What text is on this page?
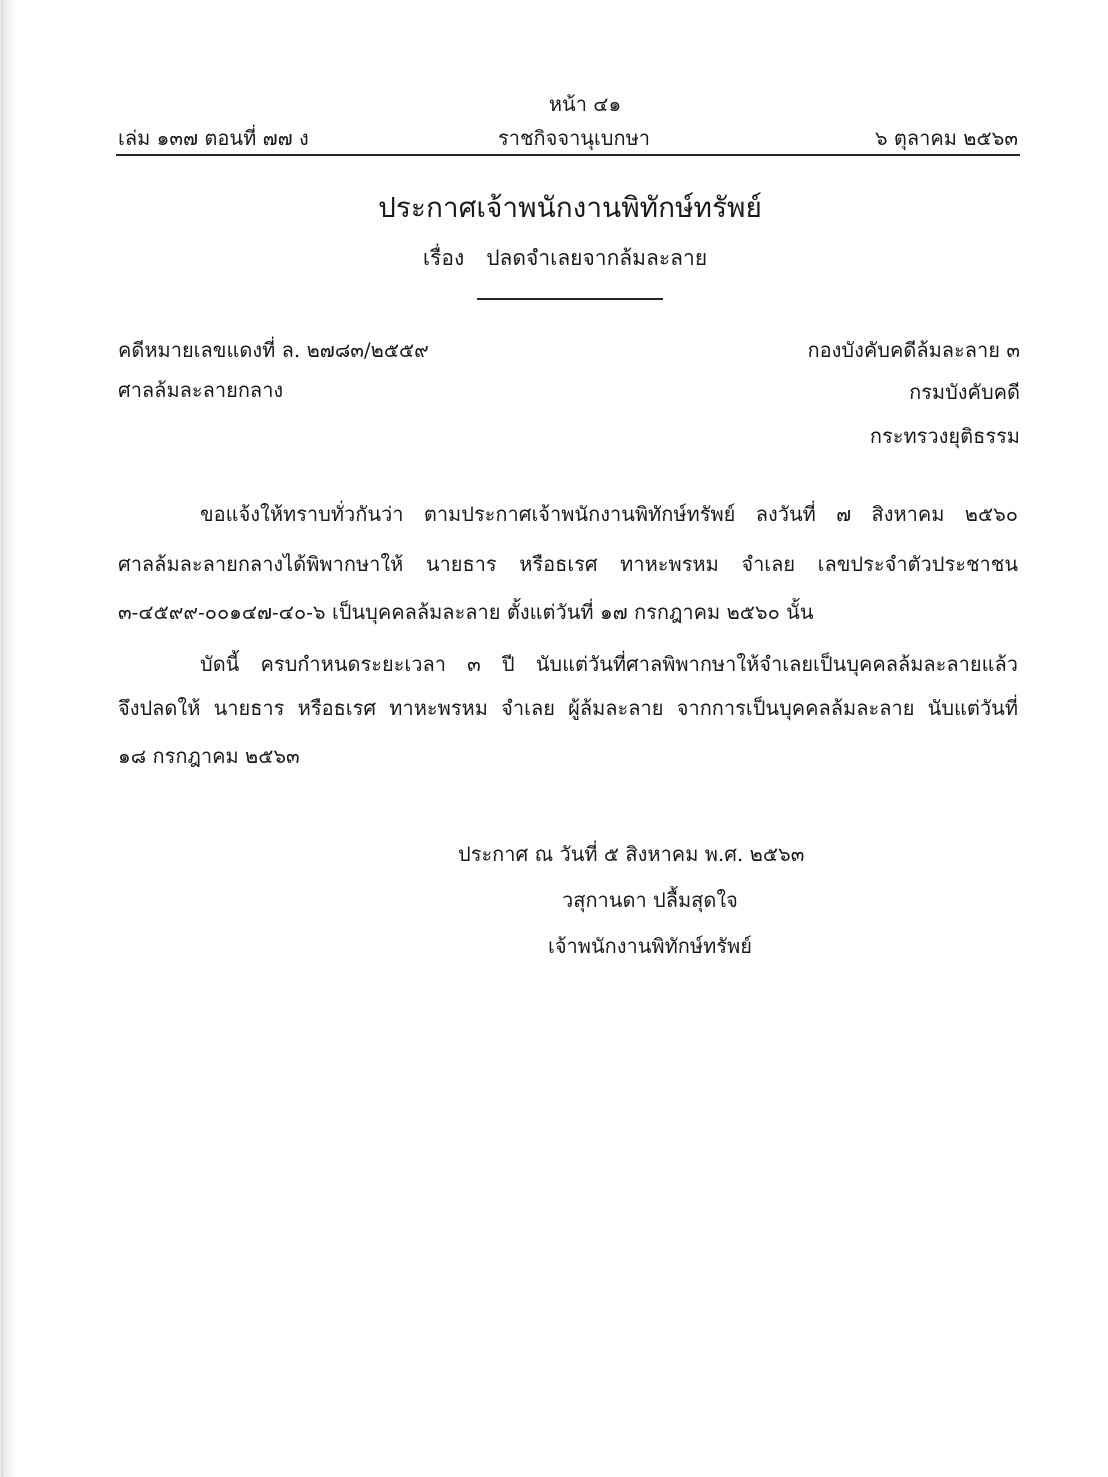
หน้า ๔๑
เล่ม ๑๓๗ ตอนที่ ๗๗ ง	ราชกิจจานุเบกษา	๖ ตุลาคม ๒๕๖๓
ประกาศเจ้าพนักงานพิทักษ์ทรัพย์
เรื่อง ปลดจำเลยจากล้มละลาย
คดีหมายเลขแดงที่ ล. ๒๗๘๓/๒๕๕๙
ศาลล้มละลายกลาง
กองบังคับคดีล้มละลาย ๓
กรมบังคับคดี
กระทรวงยุติธรรม
ขอแจ้งให้ทราบทั่วกันว่า ตามประกาศเจ้าพนักงานพิทักษ์ทรัพย์ ลงวันที่ ๗ สิงหาคม ๒๕๖๐
ศาลล้มละลายกลางได้พิพากษาให้ นายธาร หรือธเรศ ทาหะพรหม จำเลย เลขประจำตัวประชาชน
๓-๔๕๙๙-๐๐๑๔๗-๔๐-๖ เป็นบุคคลล้มละลาย ตั้งแต่วันที่ ๑๗ กรกฎาคม ๒๕๖๐ นั้น
บัดนี้ ครบกำหนดระยะเวลา ๓ ปี นับแต่วันที่ศาลพิพากษาให้จำเลยเป็นบุคคลล้มละลายแล้ว
จึงปลดให้ นายธาร หรือธเรศ ทาหะพรหม จำเลย ผู้ล้มละลาย จากการเป็นบุคคลล้มละลาย นับแต่วันที่
๑๘ กรกฎาคม ๒๕๖๓
ประกาศ ณ วันที่ ๕ สิงหาคม พ.ศ. ๒๕๖๓
วสุกานดา ปลื้มสุดใจ
เจ้าพนักงานพิทักษ์ทรัพย์
